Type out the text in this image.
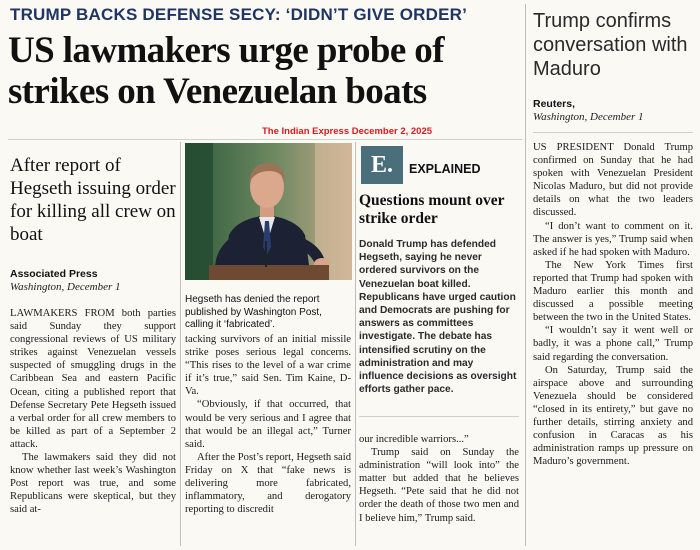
TRUMP BACKS DEFENSE SECY: ‘DIDN’T GIVE ORDER’
US lawmakers urge probe of strikes on Venezuelan boats
The Indian Express December 2, 2025
After report of Hegseth issuing order for killing all crew on boat
Associated Press
Washington, December 1

LAWMAKERS FROM both parties said Sunday they support congressional reviews of US military strikes against Venezuelan vessels suspected of smuggling drugs in the Caribbean Sea and eastern Pacific Ocean, citing a published report that Defense Secretary Pete Hegseth issued a verbal order for all crew members to be killed as part of a September 2 attack.

The lawmakers said they did not know whether last week’s Washington Post report was true, and some Republicans were skeptical, but they said at-

Hegseth has denied the report published by Washington Post, calling it ‘fabricated’.

tacking survivors of an initial missile strike poses serious legal concerns. “This rises to the level of a war crime if it’s true,” said Sen. Tim Kaine, D-Va.

“Obviously, if that occurred, that would be very serious and I agree that that would be an illegal act,” Turner said.

After the Post’s report, Hegseth said Friday on X that “fake news is delivering more fabricated, inflammatory, and derogatory reporting to discredit

E.	EXPLAINED
Questions mount over strike order
Donald Trump has defended Hegseth, saying he never ordered survivors on the Venezuelan boat killed. Republicans have urged caution and Democrats are pushing for answers as committees investigate. The debate has intensified scrutiny on the administration and may influence decisions as oversight efforts gather pace.

our incredible warriors...”

Trump said on Sunday the administration “will look into” the matter but added that he believes Hegseth. “Pete said that he did not order the death of those two men and I believe him,” Trump said.

Trump confirms conversation with Maduro
Reuters,
Washington, December 1

US PRESIDENT Donald Trump confirmed on Sunday that he had spoken with Venezuelan President Nicolas Maduro, but did not provide details on what the two leaders discussed.

“I don’t want to comment on it. The answer is yes,” Trump said when asked if he had spoken with Maduro.

The New York Times first reported that Trump had spoken with Maduro earlier this month and discussed a possible meeting between the two in the United States.

“I wouldn’t say it went well or badly, it was a phone call,” Trump said regarding the conversation.

On Saturday, Trump said the airspace above and surrounding Venezuela should be considered “closed in its entirety,” but gave no further details, stirring anxiety and confusion in Caracas as his administration ramps up pressure on Maduro’s government.
